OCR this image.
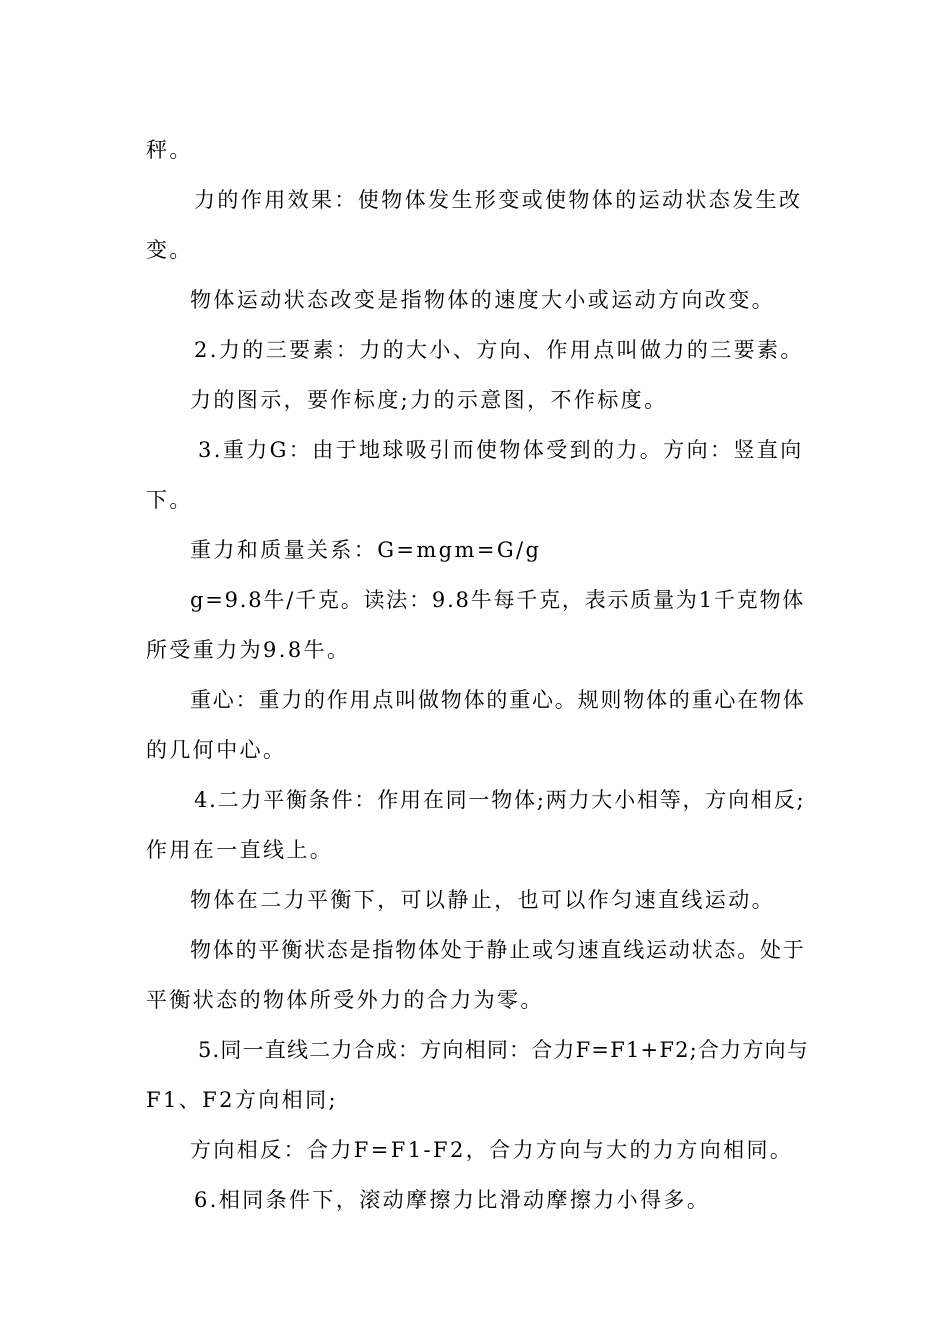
秤。
力的作用效果：使物体发生形变或使物体的运动状态发生改
变。
物体运动状态改变是指物体的速度大小或运动方向改变。
2.力的三要素：力的大小、方向、作用点叫做力的三要素。
力的图示，要作标度;力的示意图，不作标度。
3.重力G：由于地球吸引而使物体受到的力。方向：竖直向
下。
重力和质量关系：G=mgm=G/g
g=9.8牛/千克。读法：9.8牛每千克，表示质量为1千克物体
所受重力为9.8牛。
重心：重力的作用点叫做物体的重心。规则物体的重心在物体
的几何中心。
4.二力平衡条件：作用在同一物体;两力大小相等，方向相反;
作用在一直线上。
物体在二力平衡下，可以静止，也可以作匀速直线运动。
物体的平衡状态是指物体处于静止或匀速直线运动状态。处于
平衡状态的物体所受外力的合力为零。
5.同一直线二力合成：方向相同：合力F=F1+F2;合力方向与
F1、F2方向相同;
方向相反：合力F=F1-F2，合力方向与大的力方向相同。
6.相同条件下，滚动摩擦力比滑动摩擦力小得多。
